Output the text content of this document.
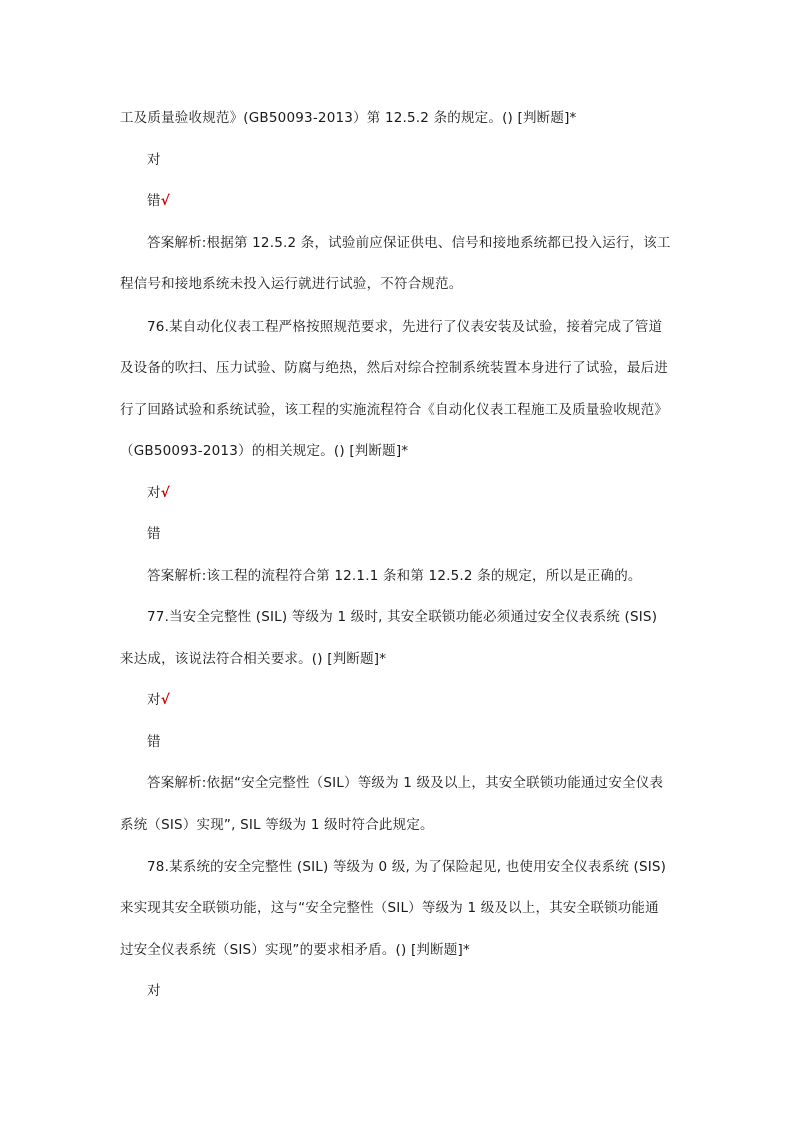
工及质量验收规范》(GB50093-2013）第 12.5.2 条的规定。() [判断题]*
对
错√
答案解析:根据第 12.5.2 条，试验前应保证供电、信号和接地系统都已投入运行，该工
程信号和接地系统未投入运行就进行试验，不符合规范。
76.某自动化仪表工程严格按照规范要求，先进行了仪表安装及试验，接着完成了管道
及设备的吹扫、压力试验、防腐与绝热，然后对综合控制系统装置本身进行了试验，最后进
行了回路试验和系统试验，该工程的实施流程符合《自动化仪表工程施工及质量验收规范》
（GB50093-2013）的相关规定。() [判断题]*
对√
错
答案解析:该工程的流程符合第 12.1.1 条和第 12.5.2 条的规定，所以是正确的。
77.当安全完整性 (SIL) 等级为 1 级时, 其安全联锁功能必须通过安全仪表系统 (SIS)
来达成，该说法符合相关要求。() [判断题]*
对√
错
答案解析:依据“安全完整性（SIL）等级为 1 级及以上，其安全联锁功能通过安全仪表
系统（SIS）实现”, SIL 等级为 1 级时符合此规定。
78.某系统的安全完整性 (SIL) 等级为 0 级, 为了保险起见, 也使用安全仪表系统 (SIS)
来实现其安全联锁功能，这与“安全完整性（SIL）等级为 1 级及以上，其安全联锁功能通
过安全仪表系统（SIS）实现”的要求相矛盾。() [判断题]*
对
